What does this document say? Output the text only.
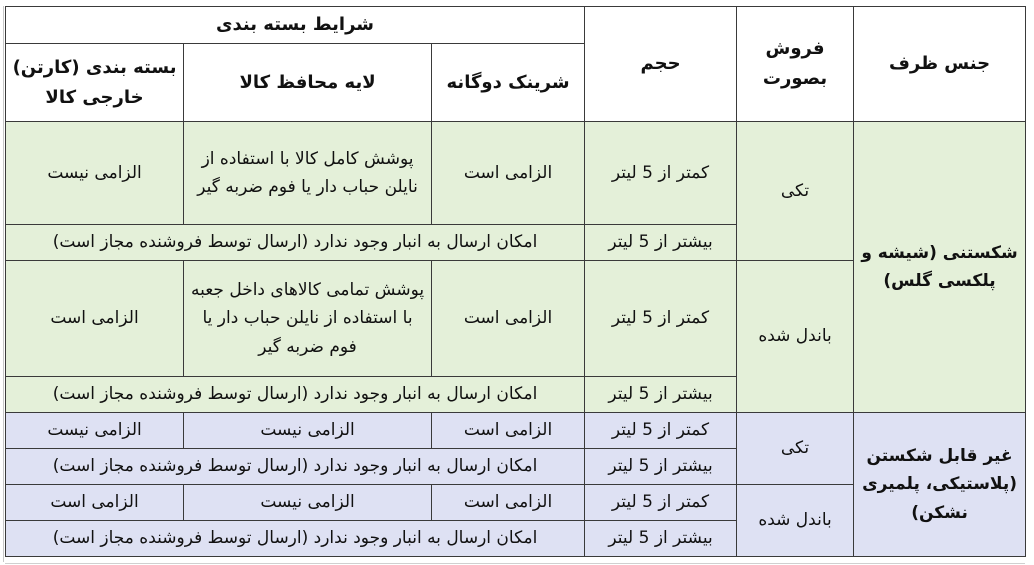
جنس ظرف	فروش بصورت	حجم	شرایط بسته بندی		
			شرینک دوگانه	لایه محافظ کالا	بسته بندی (کارتن) خارجی کالا
شکستنی (شیشه و پلکسی گلس)	تکی	کمتر از 5 لیتر	الزامی است	پوشش کامل کالا با استفاده از نایلن حباب دار یا فوم ضربه گیر	الزامی نیست
		بیشتر از 5 لیتر	امکان ارسال به انبار وجود ندارد (ارسال توسط فروشنده مجاز است)		
	باندل شده	کمتر از 5 لیتر	الزامی است	پوشش تمامی کالاهای داخل جعبه با استفاده از نایلن حباب دار یا فوم ضربه گیر	الزامی است
		بیشتر از 5 لیتر	امکان ارسال به انبار وجود ندارد (ارسال توسط فروشنده مجاز است)		
غیر قابل شکستن (پلاستیکی، پلمیری نشکن)	تکی	کمتر از 5 لیتر	الزامی است	الزامی نیست	الزامی نیست
		بیشتر از 5 لیتر	امکان ارسال به انبار وجود ندارد (ارسال توسط فروشنده مجاز است)		
	باندل شده	کمتر از 5 لیتر	الزامی است	الزامی نیست	الزامی است
		بیشتر از 5 لیتر	امکان ارسال به انبار وجود ندارد (ارسال توسط فروشنده مجاز است)		
